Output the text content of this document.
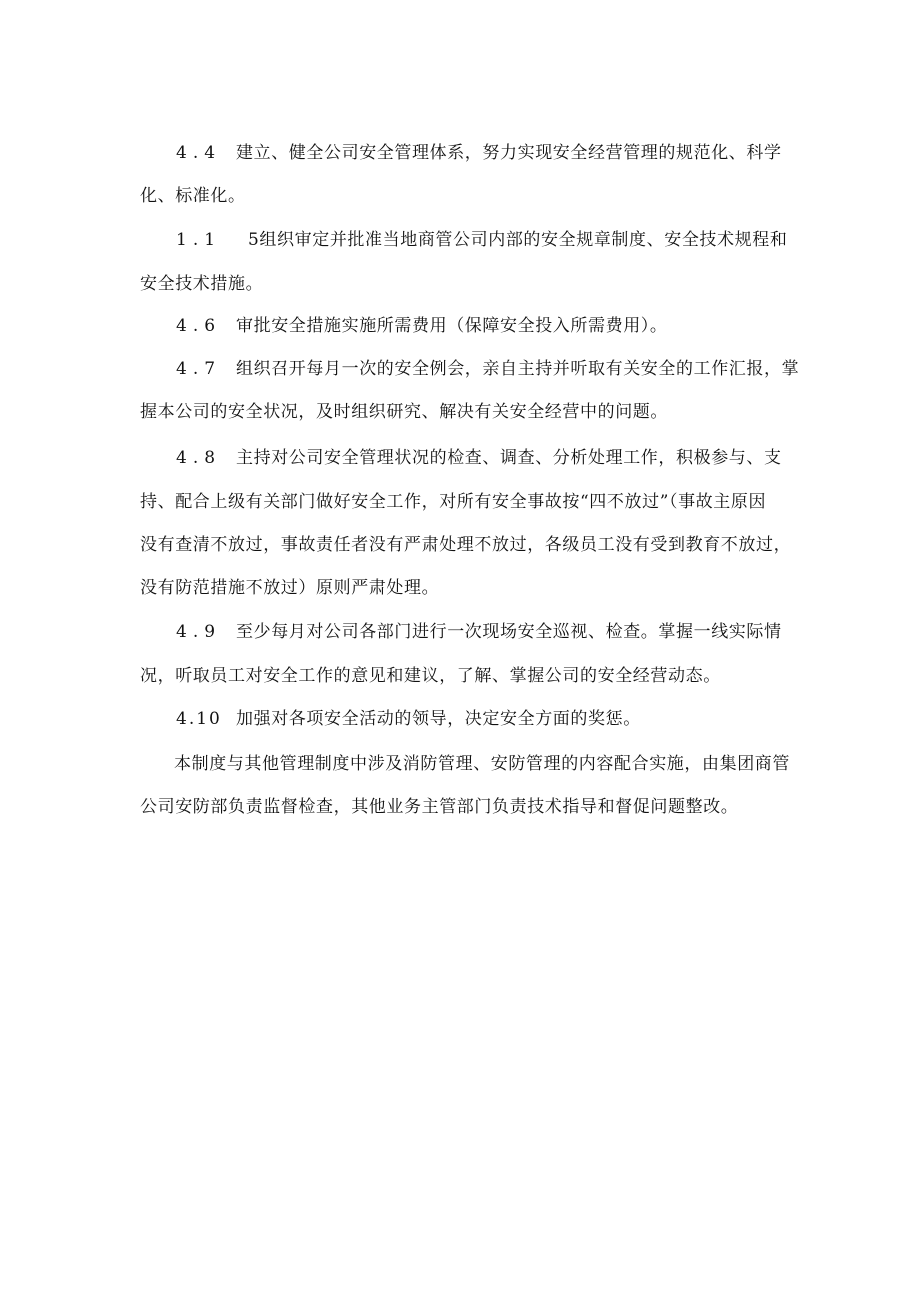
4.4 建立、健全公司安全管理体系，努力实现安全经营管理的规范化、科学
化、标准化。
1.1 5组织审定并批准当地商管公司内部的安全规章制度、安全技术规程和
安全技术措施。
4.6 审批安全措施实施所需费用（保障安全投入所需费用）。
4.7 组织召开每月一次的安全例会，亲自主持并听取有关安全的工作汇报，掌
握本公司的安全状况，及时组织研究、解决有关安全经营中的问题。
4.8 主持对公司安全管理状况的检查、调查、分析处理工作，积极参与、支
持、配合上级有关部门做好安全工作，对所有安全事故按“四不放过”（事故主原因
没有查清不放过，事故责任者没有严肃处理不放过，各级员工没有受到教育不放过，
没有防范措施不放过）原则严肃处理。
4.9 至少每月对公司各部门进行一次现场安全巡视、检查。掌握一线实际情
况，听取员工对安全工作的意见和建议，了解、掌握公司的安全经营动态。
4.10 加强对各项安全活动的领导，决定安全方面的奖惩。
本制度与其他管理制度中涉及消防管理、安防管理的内容配合实施，由集团商管
公司安防部负责监督检查，其他业务主管部门负责技术指导和督促问题整改。
